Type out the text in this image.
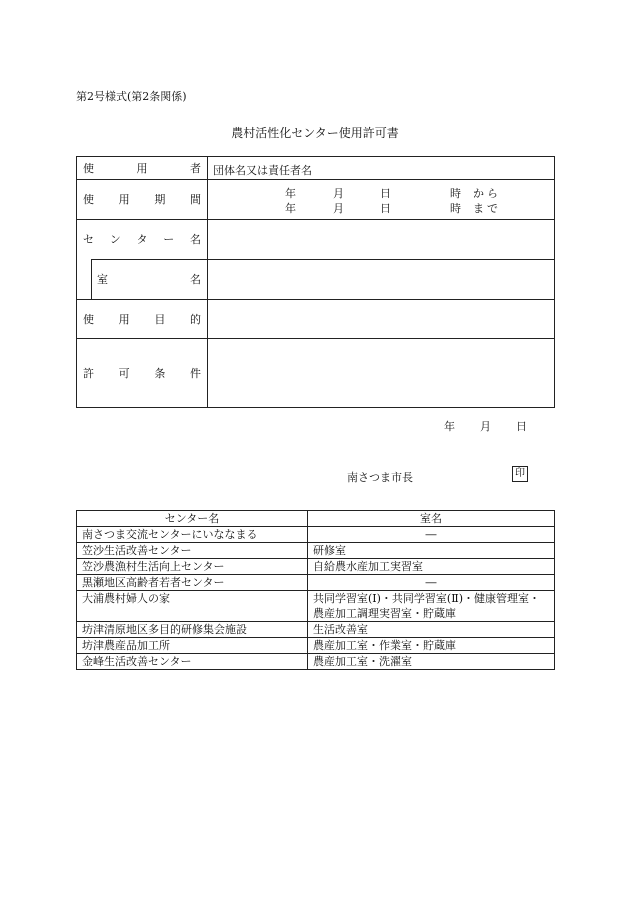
第2号様式(第2条関係)
農村活性化センター使用許可書
使	用	者 団体名又は責任者名
使 用 期 間	年	月	日	時 から
年	月	日	時 まで
セ ン タ ー 名
室	名
使 用 目 的
許 可 条 件
年 月 日
南さつま市長	印
センター名	室名
南さつま交流センターにいななまる	―
笠沙生活改善センター	研修室
笠沙農漁村生活向上センター	自給農水産加工実習室
黒瀬地区高齢者若者センター	―
大浦農村婦人の家	共同学習室(Ⅰ)・共同学習室(Ⅱ)・健康管理室・農産加工調理実習室・貯蔵庫
坊津清原地区多目的研修集会施設	生活改善室
坊津農産品加工所	農産加工室・作業室・貯蔵庫
金峰生活改善センター	農産加工室・洗濯室
